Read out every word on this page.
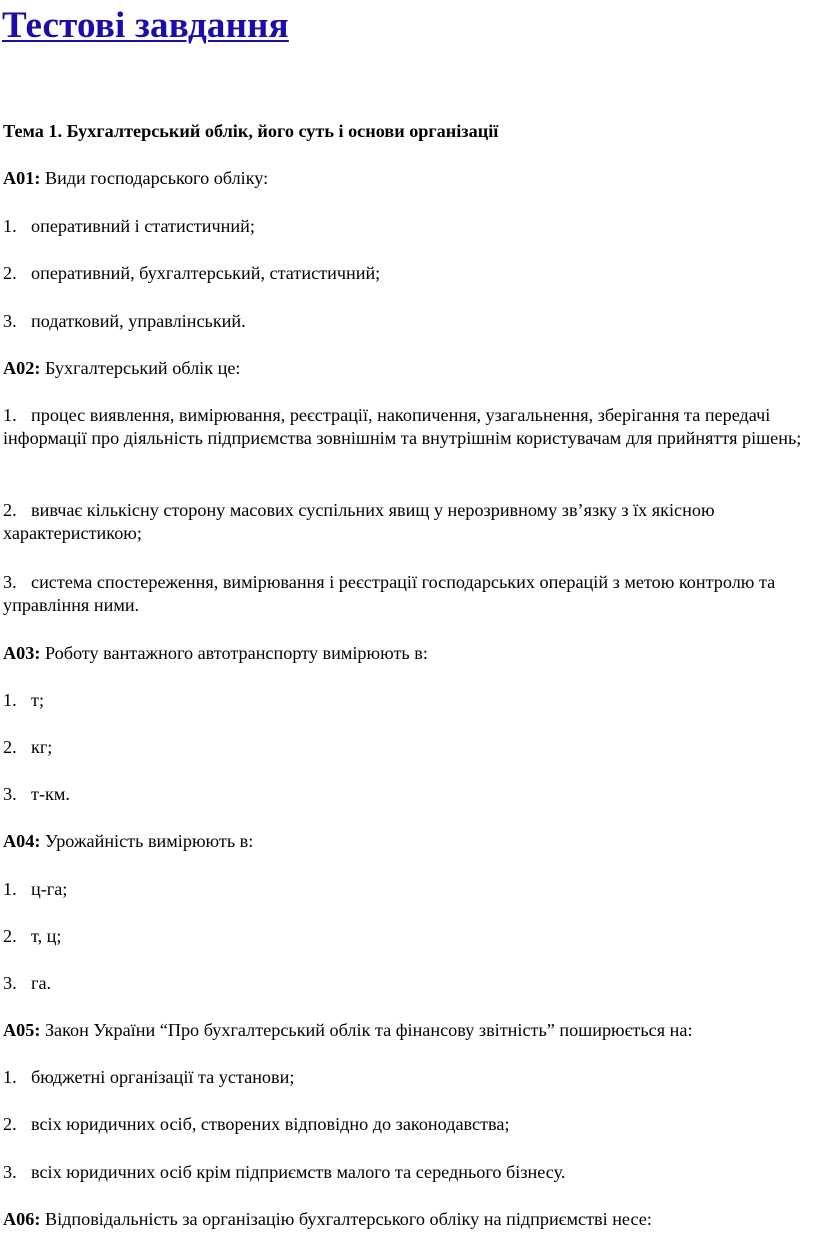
Тестові завдання
Тема 1. Бухгалтерський облік, його суть і основи організації
А01: Види господарського обліку:
1. оперативний і статистичний;
2. оперативний, бухгалтерський, статистичний;
3. податковий, управлінський.
А02: Бухгалтерський облік це:
1. процес виявлення, вимірювання, реєстрації, накопичення, узагальнення, зберігання та передачі інформації про діяльність підприємства зовнішнім та внутрішнім користувачам для прийняття рішень;
2. вивчає кількісну сторону масових суспільних явищ у нерозривному зв’язку з їх якісною характеристикою;
3. система спостереження, вимірювання і реєстрації господарських операцій з метою контролю та управління ними.
А03: Роботу вантажного автотранспорту вимірюють в:
1. т;
2. кг;
3. т-км.
А04: Урожайність вимірюють в:
1. ц-га;
2. т, ц;
3. га.
А05: Закон України “Про бухгалтерський облік та фінансову звітність” поширюється на:
1. бюджетні організації та установи;
2. всіх юридичних осіб, створених відповідно до законодавства;
3. всіх юридичних осіб крім підприємств малого та середнього бізнесу.
А06: Відповідальність за організацію бухгалтерського обліку на підприємстві несе:
